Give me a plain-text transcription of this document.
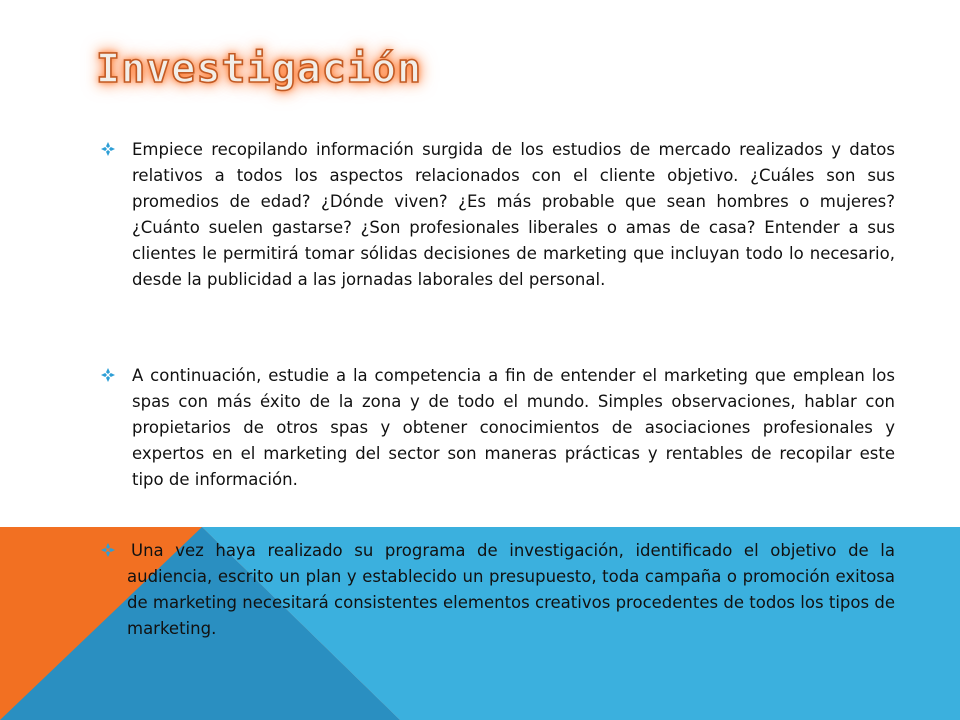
Investigación

Empiece recopilando información surgida de los estudios de mercado realizados y datos relativos a todos los aspectos relacionados con el cliente objetivo. ¿Cuáles son sus promedios de edad? ¿Dónde viven? ¿Es más probable que sean hombres o mujeres? ¿Cuánto suelen gastarse? ¿Son profesionales liberales o amas de casa? Entender a sus clientes le permitirá tomar sólidas decisiones de marketing que incluyan todo lo necesario, desde la publicidad a las jornadas laborales del personal.

A continuación, estudie a la competencia a fin de entender el marketing que emplean los spas con más éxito de la zona y de todo el mundo. Simples observaciones, hablar con propietarios de otros spas y obtener conocimientos de asociaciones profesionales y expertos en el marketing del sector son maneras prácticas y rentables de recopilar este tipo de información.

Una vez haya realizado su programa de investigación, identificado el objetivo de la audiencia, escrito un plan y establecido un presupuesto, toda campaña o promoción exitosa de marketing necesitará consistentes elementos creativos procedentes de todos los tipos de marketing.
